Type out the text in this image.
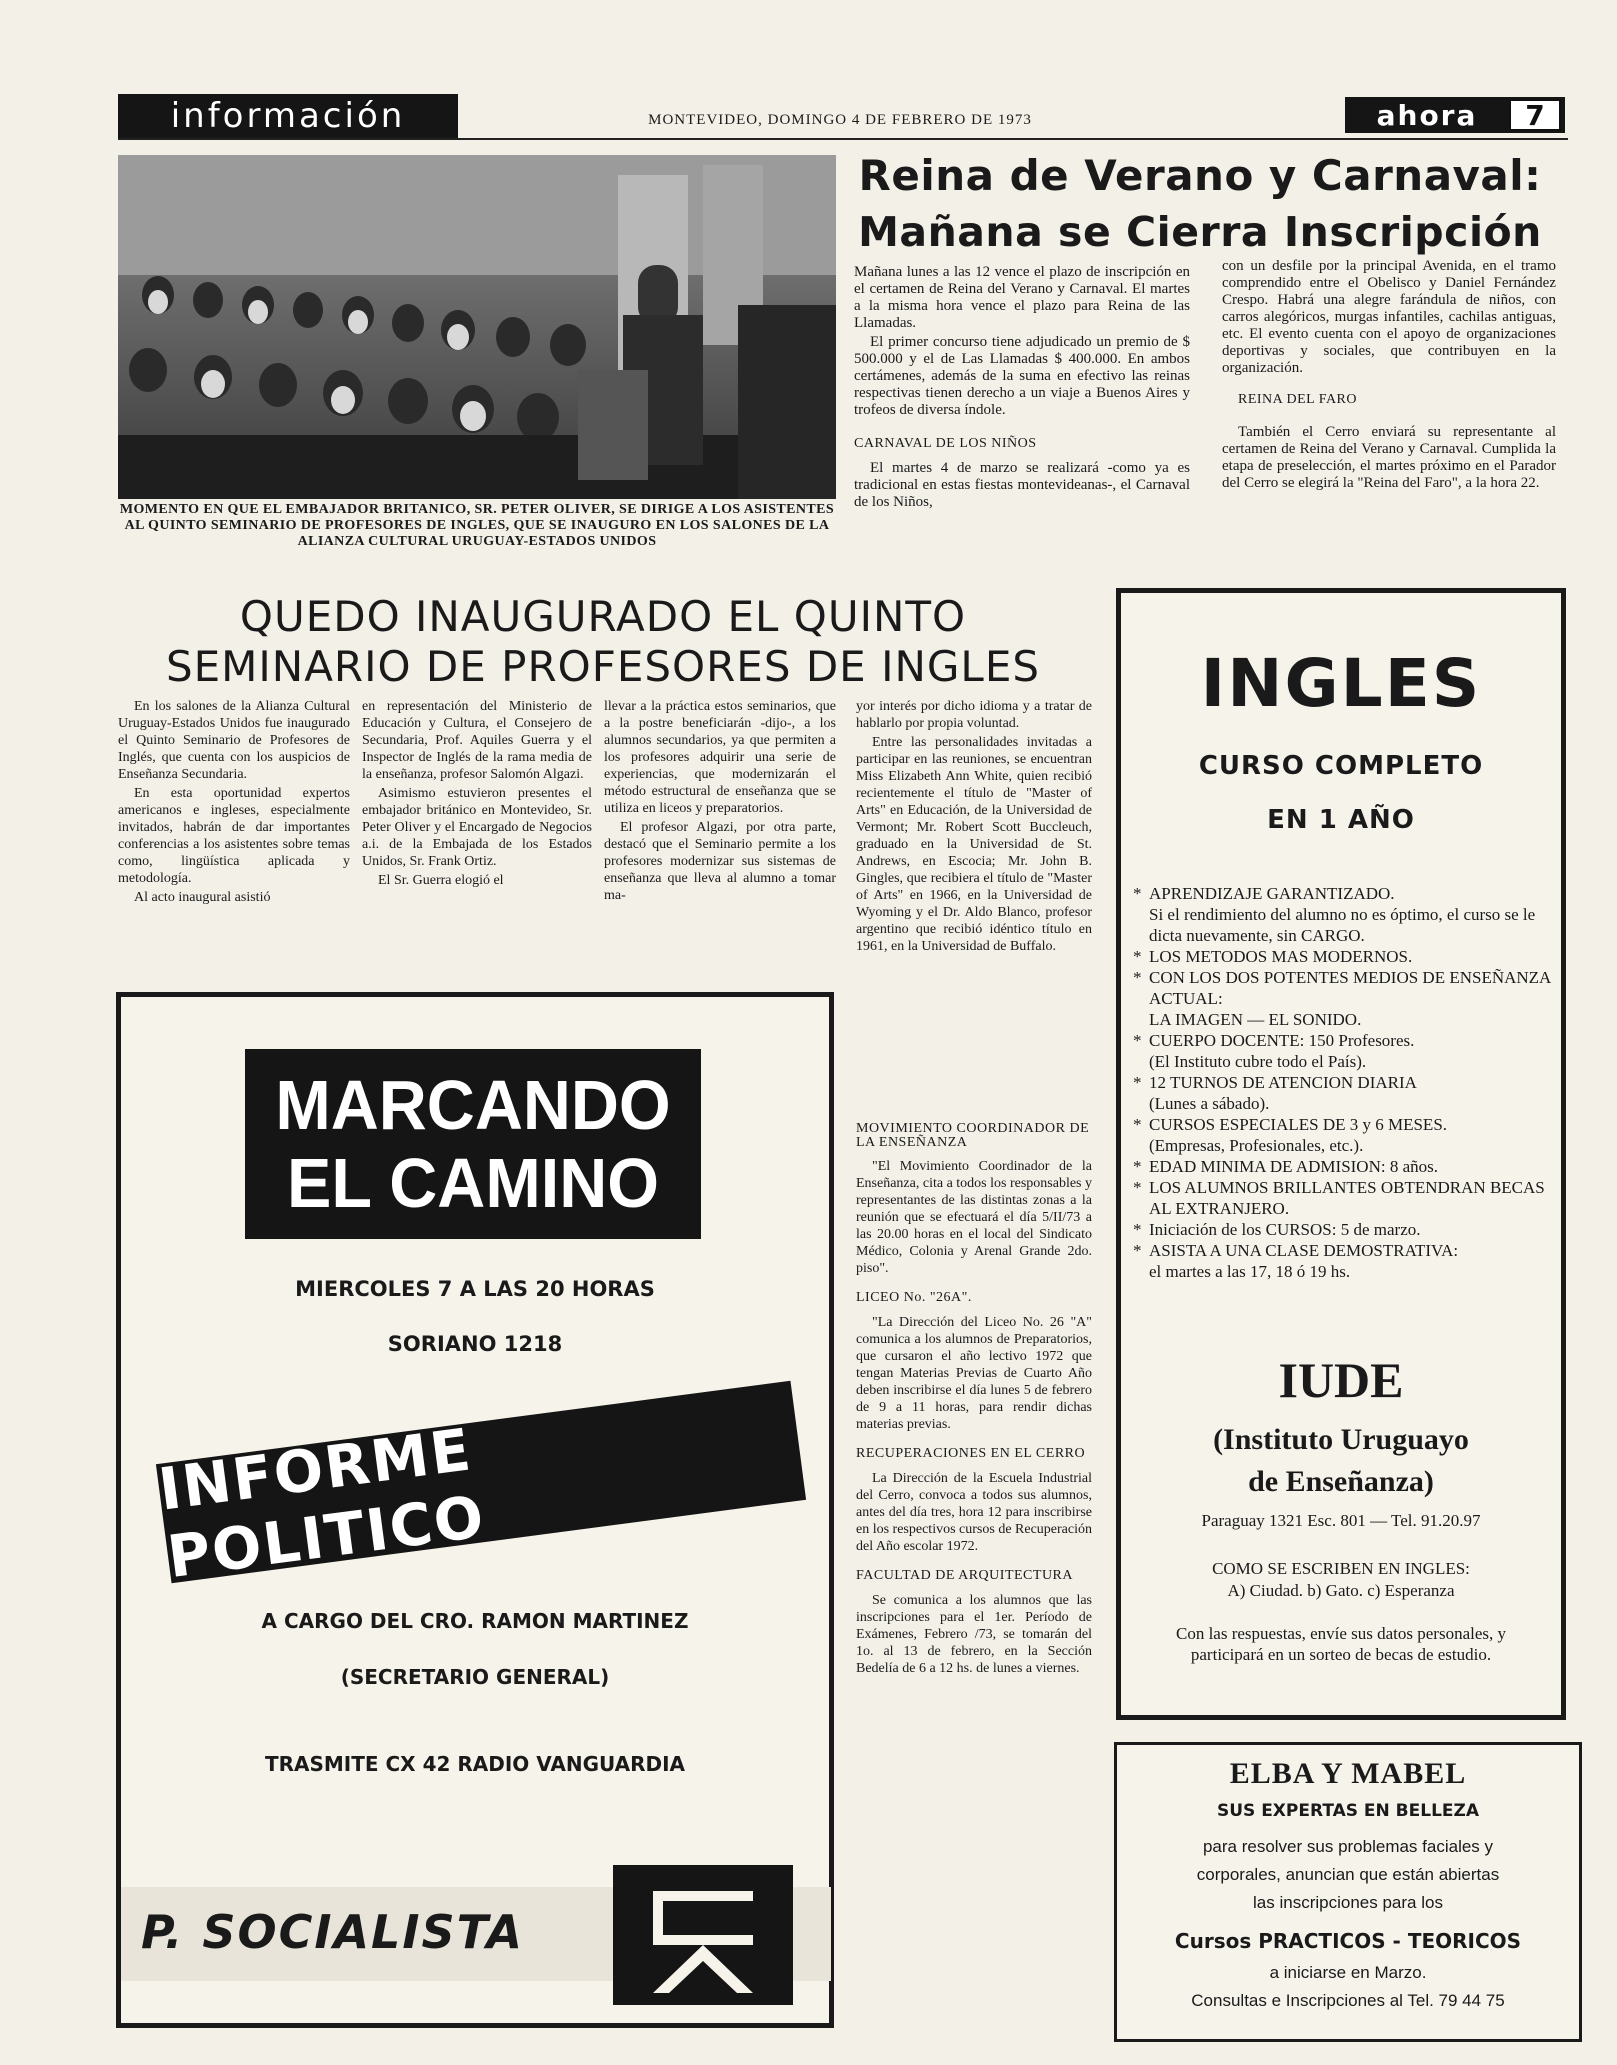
información	MONTEVIDEO, DOMINGO 4 DE FEBRERO DE 1973	ahora	7
MOMENTO EN QUE EL EMBAJADOR BRITANICO, SR. PETER OLIVER, SE DIRIGE A LOS ASISTENTES AL QUINTO SEMINARIO DE PROFESORES DE INGLES, QUE SE INAUGURO EN LOS SALONES DE LA ALIANZA CULTURAL URUGUAY-ESTADOS UNIDOS
Reina de Verano y Carnaval:
Mañana se Cierra Inscripción

Mañana lunes a las 12 vence el plazo de inscripción en el certamen de Reina del Verano y Carnaval. El martes a la misma hora vence el plazo para Reina de las Llamadas.

El primer concurso tiene adjudicado un premio de $ 500.000 y el de Las Llamadas $ 400.000. En ambos certámenes, además de la suma en efectivo las reinas respectivas tienen derecho a un viaje a Buenos Aires y trofeos de diversa índole.

CARNAVAL DE LOS NIÑOS

El martes 4 de marzo se realizará -como ya es tradicional en estas fiestas montevideanas-, el Carnaval de los Niños,

con un desfile por la principal Avenida, en el tramo comprendido entre el Obelisco y Daniel Fernández Crespo. Habrá una alegre farándula de niños, con carros alegóricos, murgas infantiles, cachilas antiguas, etc. El evento cuenta con el apoyo de organizaciones deportivas y sociales, que contribuyen en la organización.

REINA DEL FARO

También el Cerro enviará su representante al certamen de Reina del Verano y Carnaval. Cumplida la etapa de preselección, el martes próximo en el Parador del Cerro se elegirá la "Reina del Faro", a la hora 22.

QUEDO INAUGURADO EL QUINTO
SEMINARIO DE PROFESORES DE INGLES

En los salones de la Alianza Cultural Uruguay-Estados Unidos fue inaugurado el Quinto Seminario de Profesores de Inglés, que cuenta con los auspicios de Enseñanza Secundaria.

En esta oportunidad expertos americanos e ingleses, especialmente invitados, habrán de dar importantes conferencias a los asistentes sobre temas como, lingüística aplicada y metodología.

Al acto inaugural asistió

en representación del Ministerio de Educación y Cultura, el Consejero de Secundaria, Prof. Aquiles Guerra y el Inspector de Inglés de la rama media de la enseñanza, profesor Salomón Algazi.

Asimismo estuvieron presentes el embajador británico en Montevideo, Sr. Peter Oliver y el Encargado de Negocios a.i. de la Embajada de los Estados Unidos, Sr. Frank Ortiz.

El Sr. Guerra elogió el

llevar a la práctica estos seminarios, que a la postre beneficiarán -dijo-, a los alumnos secundarios, ya que permiten a los profesores adquirir una serie de experiencias, que modernizarán el método estructural de enseñanza que se utiliza en liceos y preparatorios.

El profesor Algazi, por otra parte, destacó que el Seminario permite a los profesores modernizar sus sistemas de enseñanza que lleva al alumno a tomar ma-

yor interés por dicho idioma y a tratar de hablarlo por propia voluntad.

Entre las personalidades invitadas a participar en las reuniones, se encuentran Miss Elizabeth Ann White, quien recibió recientemente el título de "Master of Arts" en Educación, de la Universidad de Vermont; Mr. Robert Scott Buccleuch, graduado en la Universidad de St. Andrews, en Escocia; Mr. John B. Gingles, que recibiera el título de "Master of Arts" en 1966, en la Universidad de Wyoming y el Dr. Aldo Blanco, profesor argentino que recibió idéntico título en 1961, en la Universidad de Buffalo.

MOVIMIENTO COORDINADOR DE LA ENSEÑANZA

"El Movimiento Coordinador de la Enseñanza, cita a todos los responsables y representantes de las distintas zonas a la reunión que se efectuará el día 5/II/73 a las 20.00 horas en el local del Sindicato Médico, Colonia y Arenal Grande 2do. piso".

LICEO No. "26A".

"La Dirección del Liceo No. 26 "A" comunica a los alumnos de Preparatorios, que cursaron el año lectivo 1972 que tengan Materias Previas de Cuarto Año deben inscribirse el día lunes 5 de febrero de 9 a 11 horas, para rendir dichas materias previas.

RECUPERACIONES EN EL CERRO

La Dirección de la Escuela Industrial del Cerro, convoca a todos sus alumnos, antes del día tres, hora 12 para inscribirse en los respectivos cursos de Recuperación del Año escolar 1972.

FACULTAD DE ARQUITECTURA

Se comunica a los alumnos que las inscripciones para el 1er. Período de Exámenes, Febrero /73, se tomarán del 1o. al 13 de febrero, en la Sección Bedelía de 6 a 12 hs. de lunes a viernes.

MARCANDO
EL CAMINO
MIERCOLES 7 A LAS 20 HORAS
SORIANO 1218
INFORME POLITICO
A CARGO DEL CRO. RAMON MARTINEZ
(SECRETARIO GENERAL)
TRASMITE CX 42 RADIO VANGUARDIA
P. SOCIALISTA
INGLES
CURSO COMPLETO
EN 1 AÑO
* APRENDIZAJE GARANTIZADO.
Si el rendimiento del alumno no es óptimo, el curso se le dicta nuevamente, sin CARGO.
* LOS METODOS MAS MODERNOS.
* CON LOS DOS POTENTES MEDIOS DE ENSEÑANZA ACTUAL:
LA IMAGEN — EL SONIDO.
* CUERPO DOCENTE: 150 Profesores.
(El Instituto cubre todo el País).
* 12 TURNOS DE ATENCION DIARIA
(Lunes a sábado).
* CURSOS ESPECIALES DE 3 y 6 MESES.
(Empresas, Profesionales, etc.).
* EDAD MINIMA DE ADMISION: 8 años.
* LOS ALUMNOS BRILLANTES OBTENDRAN BECAS AL EXTRANJERO.
* Iniciación de los CURSOS: 5 de marzo.
* ASISTA A UNA CLASE DEMOSTRATIVA:
el martes a las 17, 18 ó 19 hs.
IUDE
(Instituto Uruguayo
de Enseñanza)
Paraguay 1321 Esc. 801 — Tel. 91.20.97
COMO SE ESCRIBEN EN INGLES:
A) Ciudad. b) Gato. c) Esperanza
Con las respuestas, envíe sus datos personales, y participará en un sorteo de becas de estudio.
ELBA Y MABEL
SUS EXPERTAS EN BELLEZA
para resolver sus problemas faciales y
corporales, anuncian que están abiertas
las inscripciones para los
Cursos PRACTICOS - TEORICOS
a iniciarse en Marzo.
Consultas e Inscripciones al Tel. 79 44 75
